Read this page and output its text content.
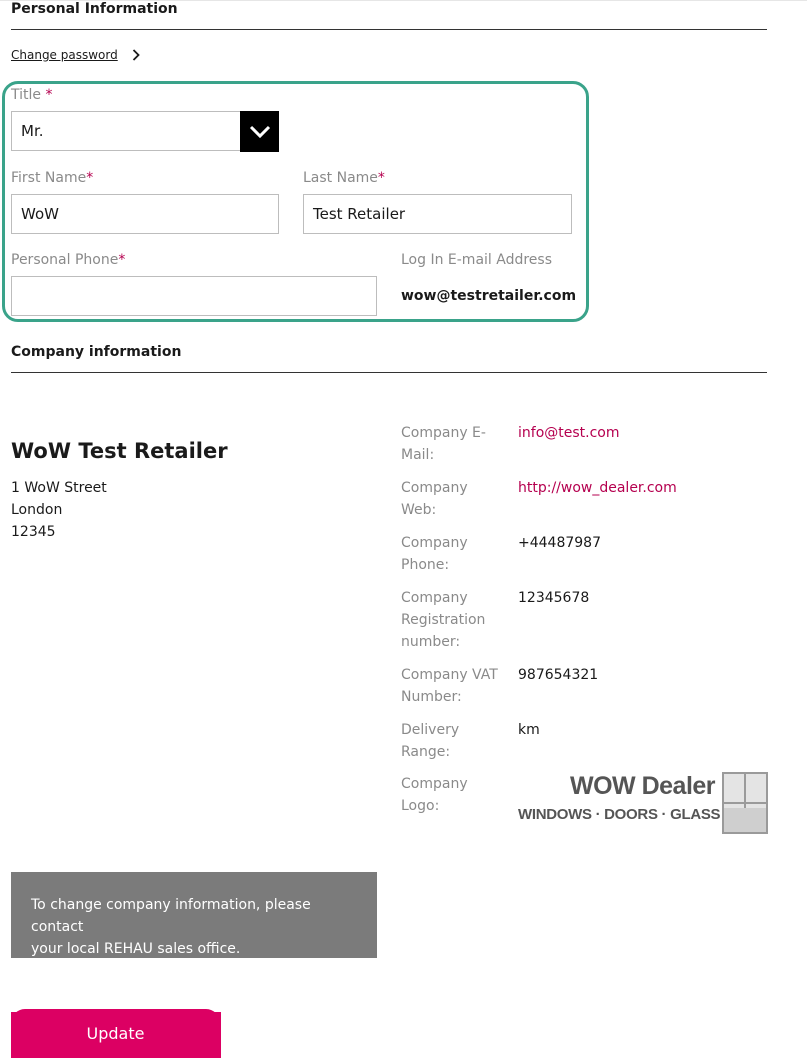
Personal Information
Change password
Title *
Mr.
First Name*
WoW
Last Name*
Test Retailer
Personal Phone*	Log In E-mail Address
wow@testretailer.com
Company information
WoW Test Retailer
1 WoW Street
London
12345
Company E-
Mail:
info@test.com
Company
Web:
http://wow_dealer.com
Company
Phone:
+44487987
Company
Registration
number:
12345678
Company VAT
Number:
987654321
Delivery
Range:
km
Company
Logo:
WOW Dealer
WINDOWS · DOORS · GLASS
To change company information, please contact
your local REHAU sales office.
Update
